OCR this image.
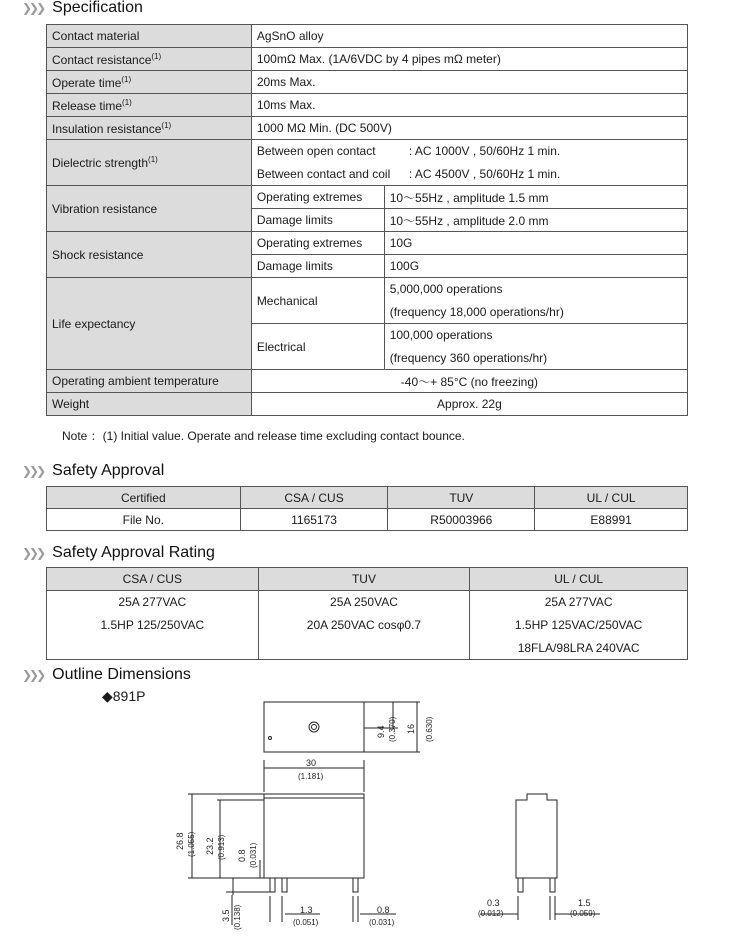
❯❯❯ Specification
Contact material	AgSnO alloy	
Contact resistance$^{(1)}$	100mΩ Max. (1A/6VDC by 4 pipes mΩ meter)	
Operate time$^{(1)}$	20ms Max.	
Release time$^{(1)}$	10ms Max.	
Insulation resistance$^{(1)}$	1000 MΩ Min. (DC 500V)	
Dielectric strength$^{(1)}$	Between open contact : AC 1000V , 50/60Hz 1 min.	
	Between contact and coil : AC 4500V , 50/60Hz 1 min.	
Vibration resistance	Operating extremes	10～55Hz , amplitude 1.5 mm
	Damage limits	10～55Hz , amplitude 2.0 mm
Shock resistance	Operating extremes	10G
	Damage limits	100G
Life expectancy	Mechanical	5,000,000 operations
		(frequency 18,000 operations/hr)
	Electrical	100,000 operations
		(frequency 360 operations/hr)
Operating ambient temperature	-40～+ 85°C (no freezing)	
Weight	Approx. 22g	
Note ：(1) Initial value. Operate and release time excluding contact bounce.
❯❯❯ Safety Approval
Certified	CSA / CUS	TUV	UL / CUL
File No.	1165173	R50003966	E88991
❯❯❯ Safety Approval Rating
CSA / CUS	TUV	UL / CUL
25A 277VAC	25A 250VAC	25A 277VAC
1.5HP 125/250VAC	20A 250VAC cosφ0.7	1.5HP 125VAC/250VAC
		18FLA/98LRA 240VAC
❯❯❯ Outline Dimensions
◆891P
9.4 (0.370) 16 (0.630)
30
(1.181)
26.8 (1.055) 23.2 (0.913) 0.8 (0.031)
3.5 (0.138)	1.3
(0.051)
0.8
(0.031)
0.3
(0.012)
1.5
(0.059)
